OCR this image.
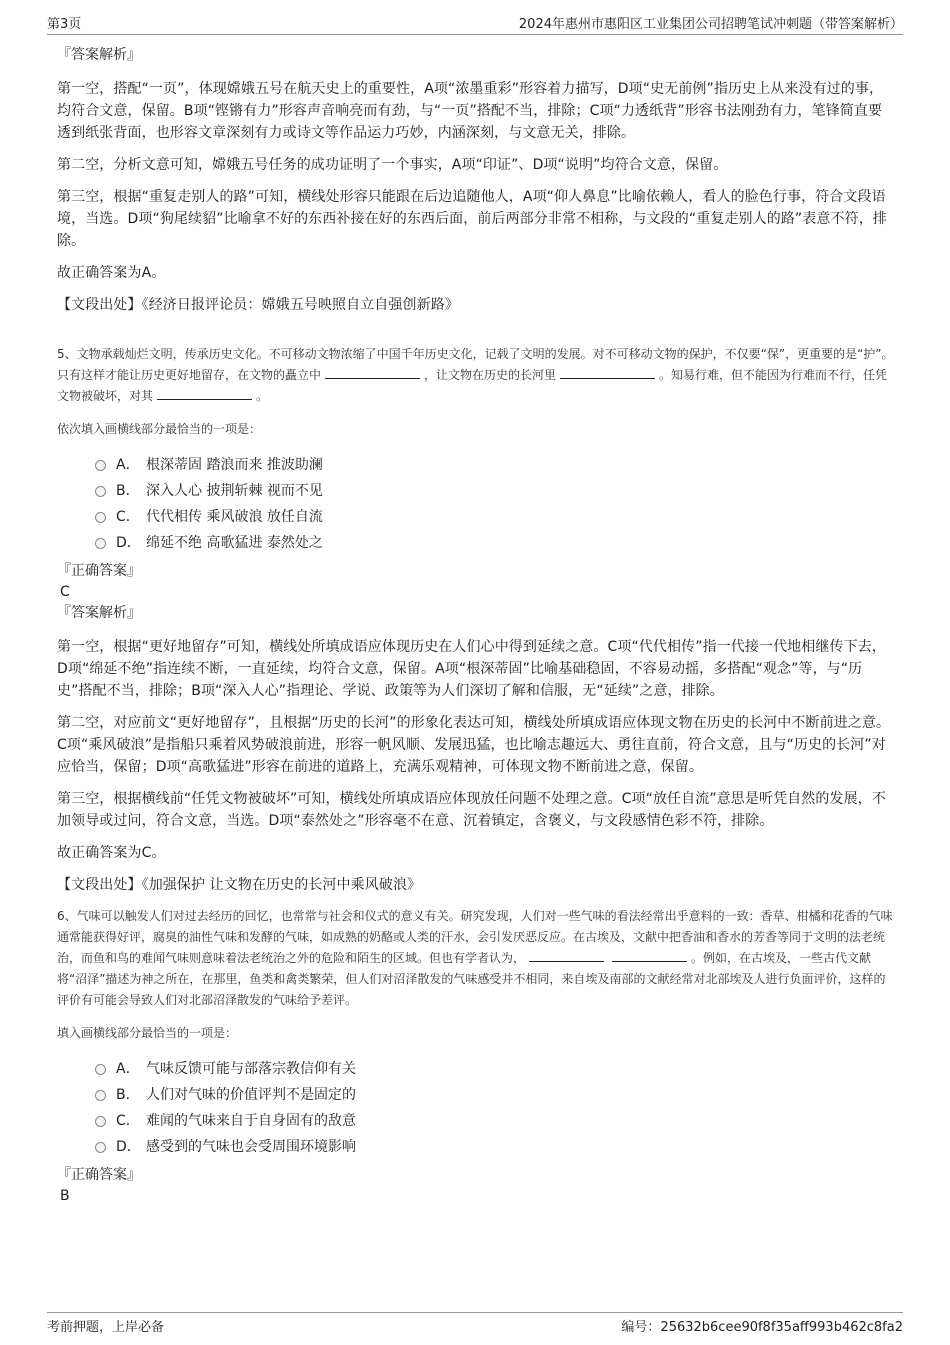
第3页	2024年惠州市惠阳区工业集团公司招聘笔试冲刺题（带答案解析）
『答案解析』

第一空，搭配“一页”，体现嫦娥五号在航天史上的重要性，A项“浓墨重彩”形容着力描写，D项“史无前例”指历史上从来没有过的事，均符合文意，保留。B项“铿锵有力”形容声音响亮而有劲，与“一页”搭配不当，排除；C项“力透纸背”形容书法刚劲有力，笔锋简直要透到纸张背面，也形容文章深刻有力或诗文等作品运力巧妙，内涵深刻，与文意无关，排除。

第二空，分析文意可知，嫦娥五号任务的成功证明了一个事实，A项“印证”、D项“说明”均符合文意，保留。

第三空，根据“重复走别人的路”可知，横线处形容只能跟在后边追随他人，A项“仰人鼻息”比喻依赖人，看人的脸色行事，符合文段语境，当选。D项“狗尾续貂”比喻拿不好的东西补接在好的东西后面，前后两部分非常不相称，与文段的“重复走别人的路”表意不符，排除。

故正确答案为A。

【文段出处】《经济日报评论员：嫦娥五号映照自立自强创新路》

5、文物承载灿烂文明，传承历史文化。不可移动文物浓缩了中国千年历史文化，记载了文明的发展。对不可移动文物的保护，不仅要“保”，更重要的是“护”。只有这样才能让历史更好地留存，在文物的矗立中	，让文物在历史的长河里	。知易行难，但不能因为行难而不行，任凭文物被破坏，对其	。

依次填入画横线部分最恰当的一项是：

A． 根深蒂固 踏浪而来 推波助澜
B． 深入人心 披荆斩棘 视而不见
C． 代代相传 乘风破浪 放任自流
D． 绵延不绝 高歌猛进 泰然处之
『正确答案』
C
『答案解析』

第一空，根据“更好地留存”可知，横线处所填成语应体现历史在人们心中得到延续之意。C项“代代相传”指一代接一代地相继传下去，D项“绵延不绝”指连续不断，一直延续，均符合文意，保留。A项“根深蒂固”比喻基础稳固，不容易动摇，多搭配“观念”等，与“历史”搭配不当，排除；B项“深入人心”指理论、学说、政策等为人们深切了解和信服，无“延续”之意，排除。

第二空，对应前文“更好地留存”，且根据“历史的长河”的形象化表达可知，横线处所填成语应体现文物在历史的长河中不断前进之意。C项“乘风破浪”是指船只乘着风势破浪前进，形容一帆风顺、发展迅猛，也比喻志趣远大、勇往直前，符合文意，且与“历史的长河”对应恰当，保留；D项“高歌猛进”形容在前进的道路上，充满乐观精神，可体现文物不断前进之意，保留。

第三空，根据横线前“任凭文物被破坏”可知，横线处所填成语应体现放任问题不处理之意。C项“放任自流”意思是听凭自然的发展，不加领导或过问，符合文意，当选。D项“泰然处之”形容毫不在意、沉着镇定，含褒义，与文段感情色彩不符，排除。

故正确答案为C。

【文段出处】《加强保护 让文物在历史的长河中乘风破浪》

6、气味可以触发人们对过去经历的回忆，也常常与社会和仪式的意义有关。研究发现，人们对一些气味的看法经常出乎意料的一致：香草、柑橘和花香的气味通常能获得好评，腐臭的油性气味和发酵的气味，如成熟的奶酪或人类的汗水，会引发厌恶反应。在古埃及，文献中把香油和香水的芳香等同于文明的法老统治，而鱼和鸟的难闻气味则意味着法老统治之外的危险和陌生的区域。但也有学者认为，	。例如，在古埃及，一些古代文献将“沼泽”描述为神之所在，在那里，鱼类和禽类繁荣，但人们对沼泽散发的气味感受并不相同，来自埃及南部的文献经常对北部埃及人进行负面评价，这样的评价有可能会导致人们对北部沼泽散发的气味给予差评。

填入画横线部分最恰当的一项是：

A． 气味反馈可能与部落宗教信仰有关
B． 人们对气味的价值评判不是固定的
C． 难闻的气味来自于自身固有的敌意
D． 感受到的气味也会受周围环境影响
『正确答案』
B
考前押题，上岸必备	编号：25632b6cee90f8f35aff993b462c8fa2
